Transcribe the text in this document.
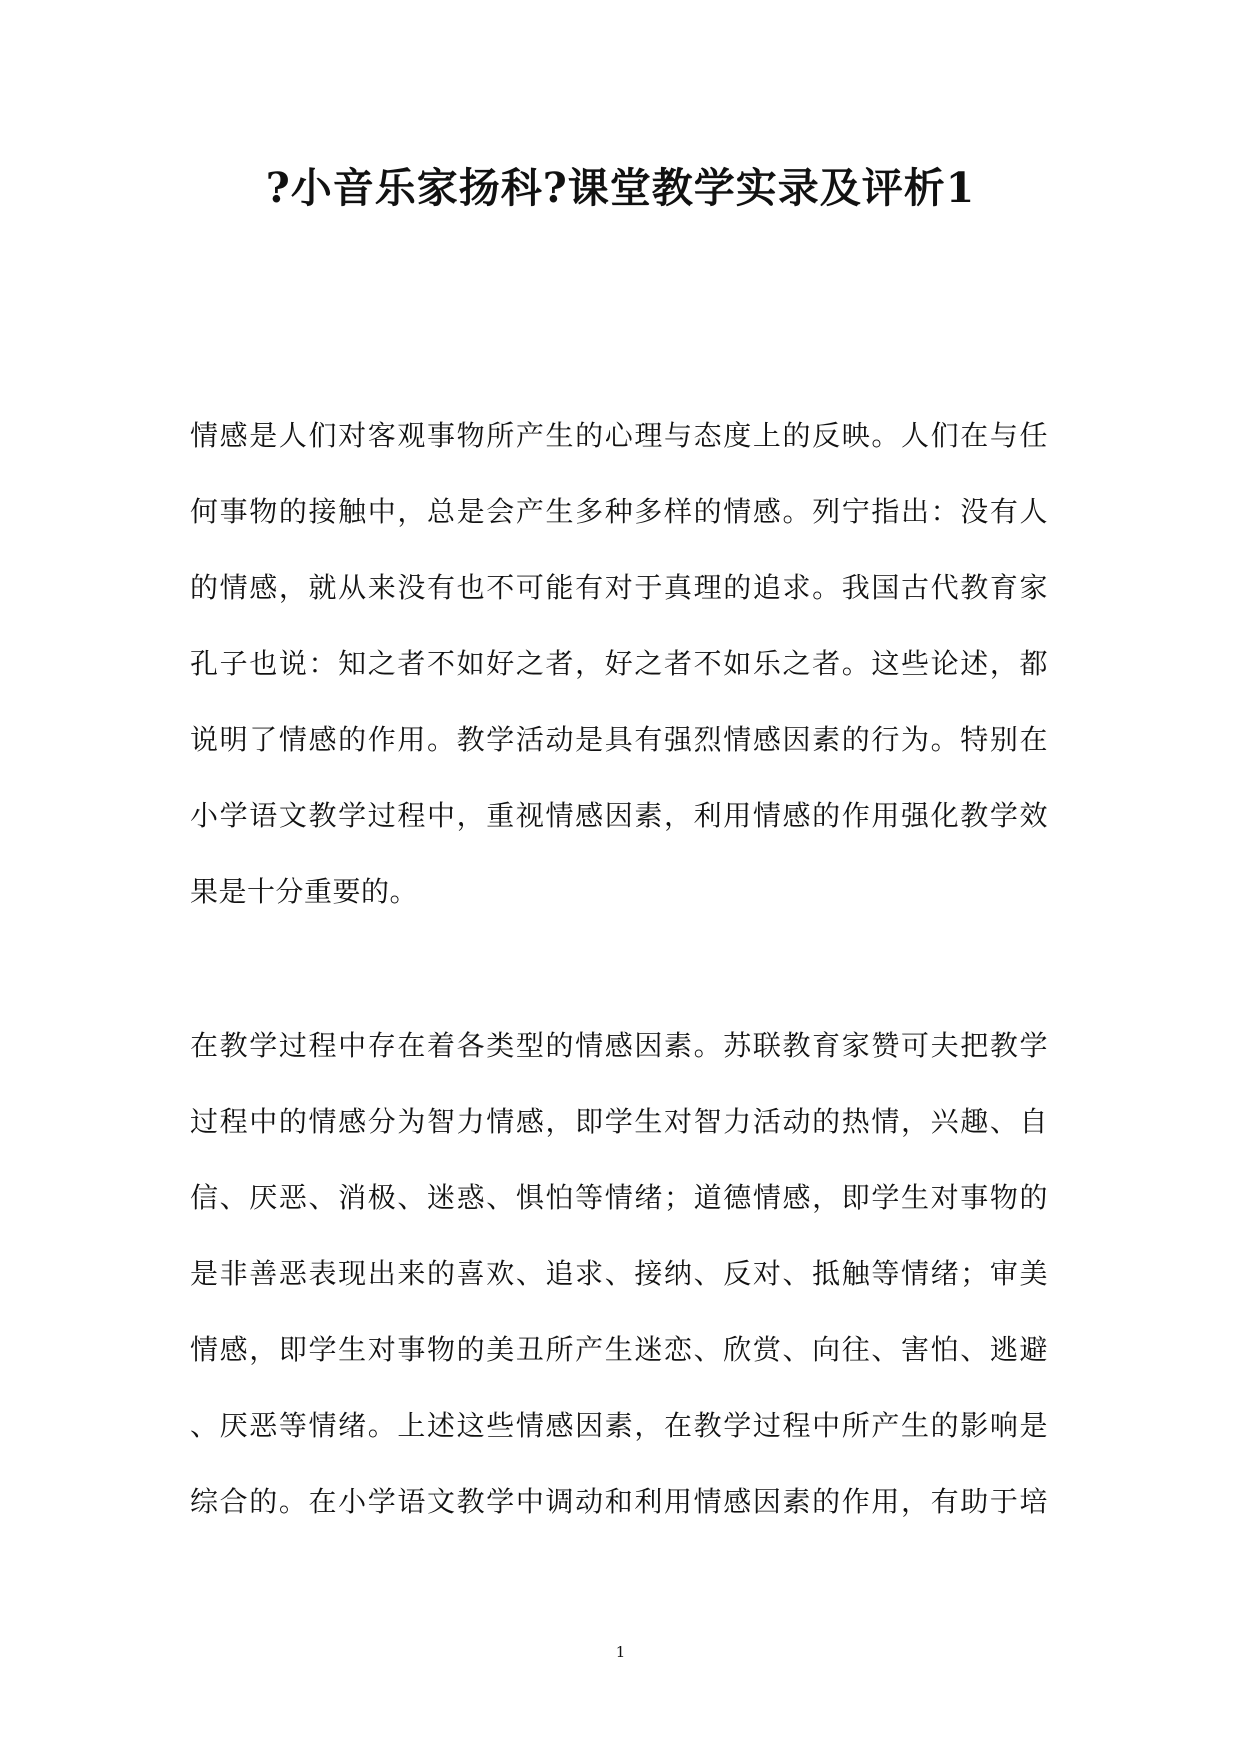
?小音乐家扬科?课堂教学实录及评析1
情感是人们对客观事物所产生的心理与态度上的反映。人们在与任
何事物的接触中，总是会产生多种多样的情感。列宁指出：没有人
的情感，就从来没有也不可能有对于真理的追求。我国古代教育家
孔子也说：知之者不如好之者，好之者不如乐之者。这些论述，都
说明了情感的作用。教学活动是具有强烈情感因素的行为。特别在
小学语文教学过程中，重视情感因素，利用情感的作用强化教学效
果是十分重要的。
在教学过程中存在着各类型的情感因素。苏联教育家赞可夫把教学
过程中的情感分为智力情感，即学生对智力活动的热情，兴趣、自
信、厌恶、消极、迷惑、惧怕等情绪；道德情感，即学生对事物的
是非善恶表现出来的喜欢、追求、接纳、反对、抵触等情绪；审美
情感，即学生对事物的美丑所产生迷恋、欣赏、向往、害怕、逃避
、厌恶等情绪。上述这些情感因素，在教学过程中所产生的影响是
综合的。在小学语文教学中调动和利用情感因素的作用，有助于培
1
